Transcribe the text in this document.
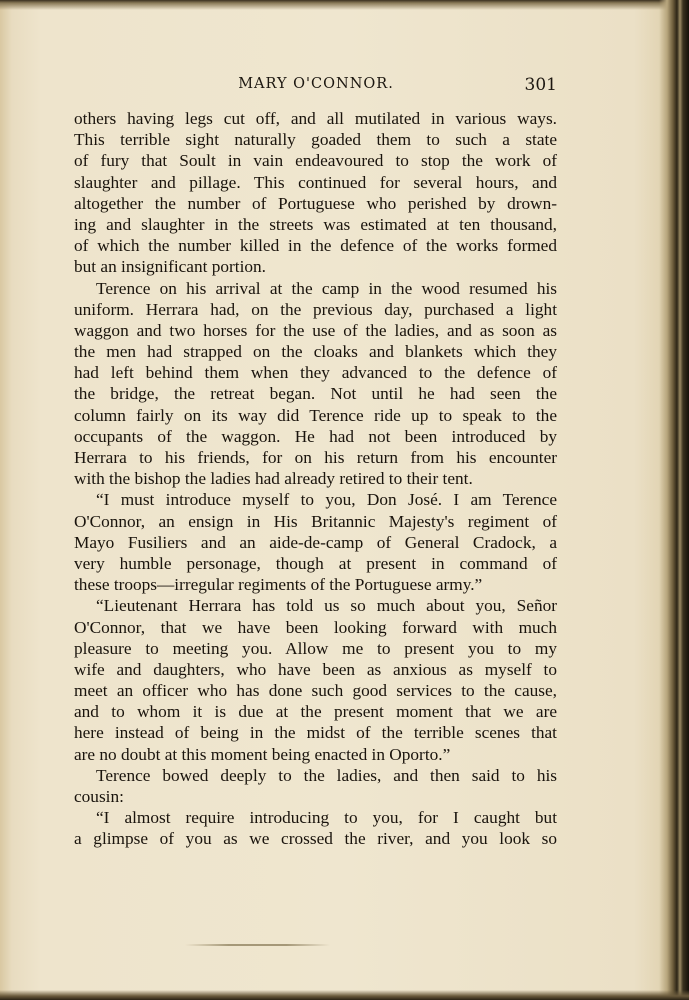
MARY O'CONNOR.	301
others having legs cut off, and all mutilated in various ways.
This terrible sight naturally goaded them to such a state
of fury that Soult in vain endeavoured to stop the work of
slaughter and pillage. This continued for several hours, and
altogether the number of Portuguese who perished by drown-
ing and slaughter in the streets was estimated at ten thousand,
of which the number killed in the defence of the works formed
but an insignificant portion.
Terence on his arrival at the camp in the wood resumed his
uniform. Herrara had, on the previous day, purchased a light
waggon and two horses for the use of the ladies, and as soon as
the men had strapped on the cloaks and blankets which they
had left behind them when they advanced to the defence of
the bridge, the retreat began. Not until he had seen the
column fairly on its way did Terence ride up to speak to the
occupants of the waggon. He had not been introduced by
Herrara to his friends, for on his return from his encounter
with the bishop the ladies had already retired to their tent.
“I must introduce myself to you, Don José. I am Terence
O'Connor, an ensign in His Britannic Majesty's regiment of
Mayo Fusiliers and an aide-de-camp of General Cradock, a
very humble personage, though at present in command of
these troops—irregular regiments of the Portuguese army.”
“Lieutenant Herrara has told us so much about you, Señor
O'Connor, that we have been looking forward with much
pleasure to meeting you. Allow me to present you to my
wife and daughters, who have been as anxious as myself to
meet an officer who has done such good services to the cause,
and to whom it is due at the present moment that we are
here instead of being in the midst of the terrible scenes that
are no doubt at this moment being enacted in Oporto.”
Terence bowed deeply to the ladies, and then said to his
cousin:
“I almost require introducing to you, for I caught but
a glimpse of you as we crossed the river, and you look so
